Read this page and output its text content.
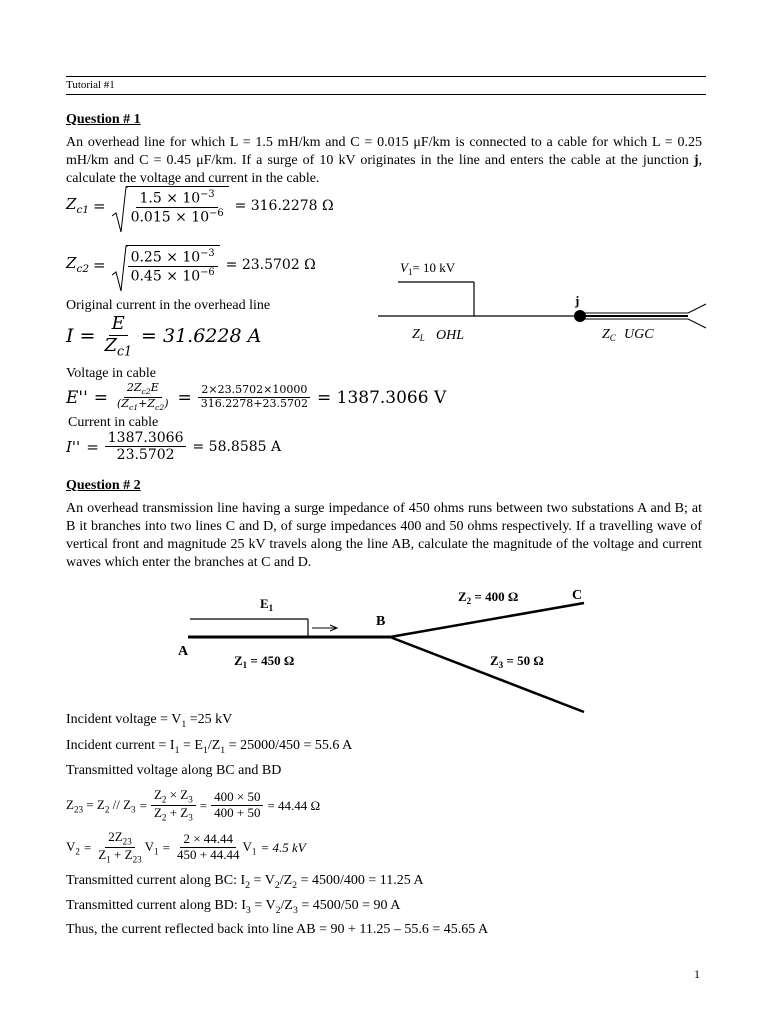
Tutorial #1
Question # 1
An overhead line for which L = 1.5 mH/km and C = 0.015 μF/km is connected to a cable for which L = 0.25 mH/km and C = 0.45 μF/km. If a surge of 10 kV originates in the line and enters the cable at the junction j, calculate the voltage and current in the cable.
$Z_{c1} = \frac{1.5 \times 10^{-3}}{0.015 \times 10^{-6}} = 316.2278$ Ω
$Z_{c2} = \frac{0.25 \times 10^{-3}}{0.45 \times 10^{-6}} = 23.5702$ Ω
Original current in the overhead line
$I = \frac{E}{Z_{c1}} = 31.6228$ A
Voltage in cable
$E'' = \frac{2Z_{c2}E}{(Z_{c1}+Z_{c2})} = \frac{2\times 23.5702\times 10000}{316.2278+23.5702} = 1387.3066$ V
Current in cable
$I'' = \frac{1387.3066}{23.5702} = 58.8585$ A
$V_1= 10$ kV
j
$Z_L$ OHL	$Z_C$ UGC
Question # 2
An overhead transmission line having a surge impedance of 450 ohms runs between two substations A and B; at B it branches into two lines C and D, of surge impedances 400 and 50 ohms respectively. If a travelling wave of vertical front and magnitude 25 kV travels along the line AB, calculate the magnitude of the voltage and current waves which enter the branches at C and D.
$E_1$
A
B
C
$Z_1 = 450$ Ω
$Z_2 = 400$ Ω
$Z_3 = 50$ Ω
Incident voltage = $V_1 =25$ kV
Incident current = $I_1 = E_1/Z_1 = 25000/450 = 55.6$ A
Transmitted voltage along BC and BD
$Z_{23} = Z_2 // Z_3 = \frac{Z_2 \times Z_3}{Z_2 + Z_3} = \frac{400 \times 50}{400 + 50} = 44.44$ Ω
$V_2 = \frac{2Z_{23}}{Z_1 + Z_{23}} V_1 = \frac{2 \times 44.44}{450 + 44.44} V_1 = 4.5$ kV
Transmitted current along BC: $I_2 = V_2/Z_2 = 4500/400 = 11.25$ A
Transmitted current along BD: $I_3 = V_2/Z_3 = 4500/50 = 90$ A
Thus, the current reflected back into line AB = 90 + 11.25 – 55.6 = 45.65 A
1
